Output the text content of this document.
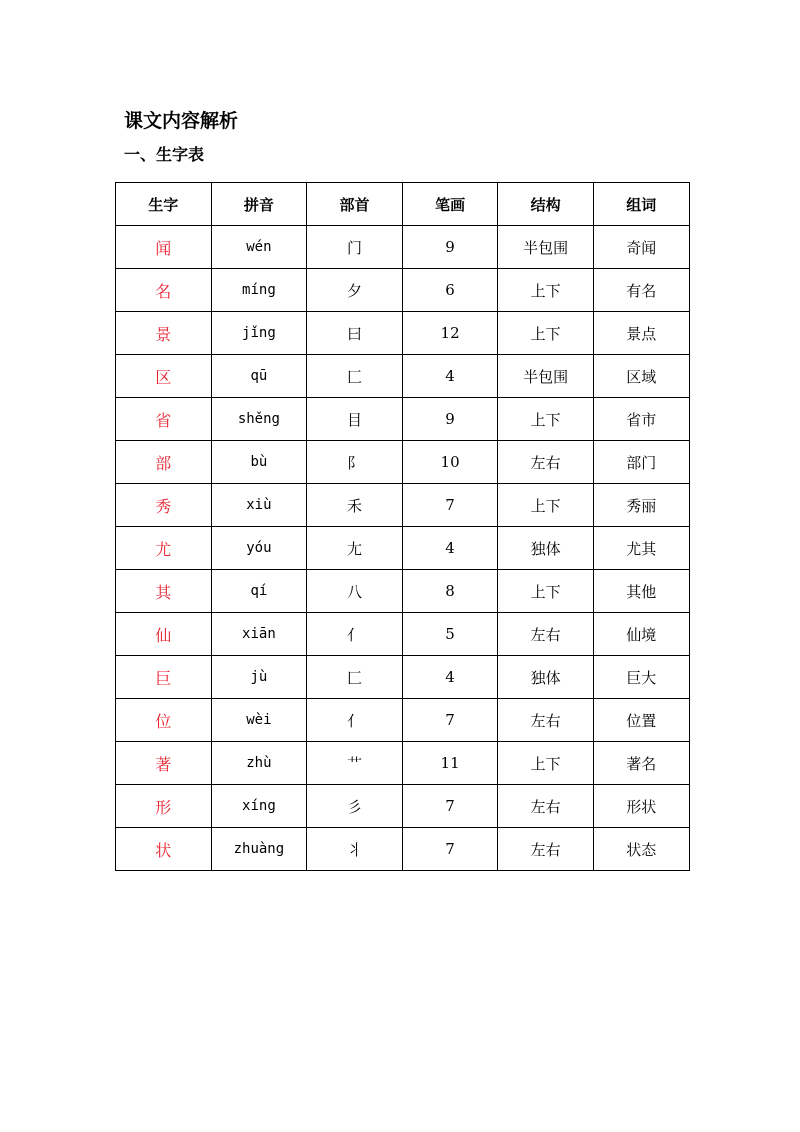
课文内容解析
一、生字表
生字	拼音	部首	笔画	结构	组词
闻	wén	门	9	半包围	奇闻
名	míng	夕	6	上下	有名
景	jǐng	曰	12	上下	景点
区	qū	匚	4	半包围	区域
省	shěng	目	9	上下	省市
部	bù	阝	10	左右	部门
秀	xiù	禾	7	上下	秀丽
尤	yóu	尢	4	独体	尤其
其	qí	八	8	上下	其他
仙	xiān	亻	5	左右	仙境
巨	jù	匚	4	独体	巨大
位	wèi	亻	7	左右	位置
著	zhù	艹	11	上下	著名
形	xíng	彡	7	左右	形状
状	zhuàng	丬	7	左右	状态
